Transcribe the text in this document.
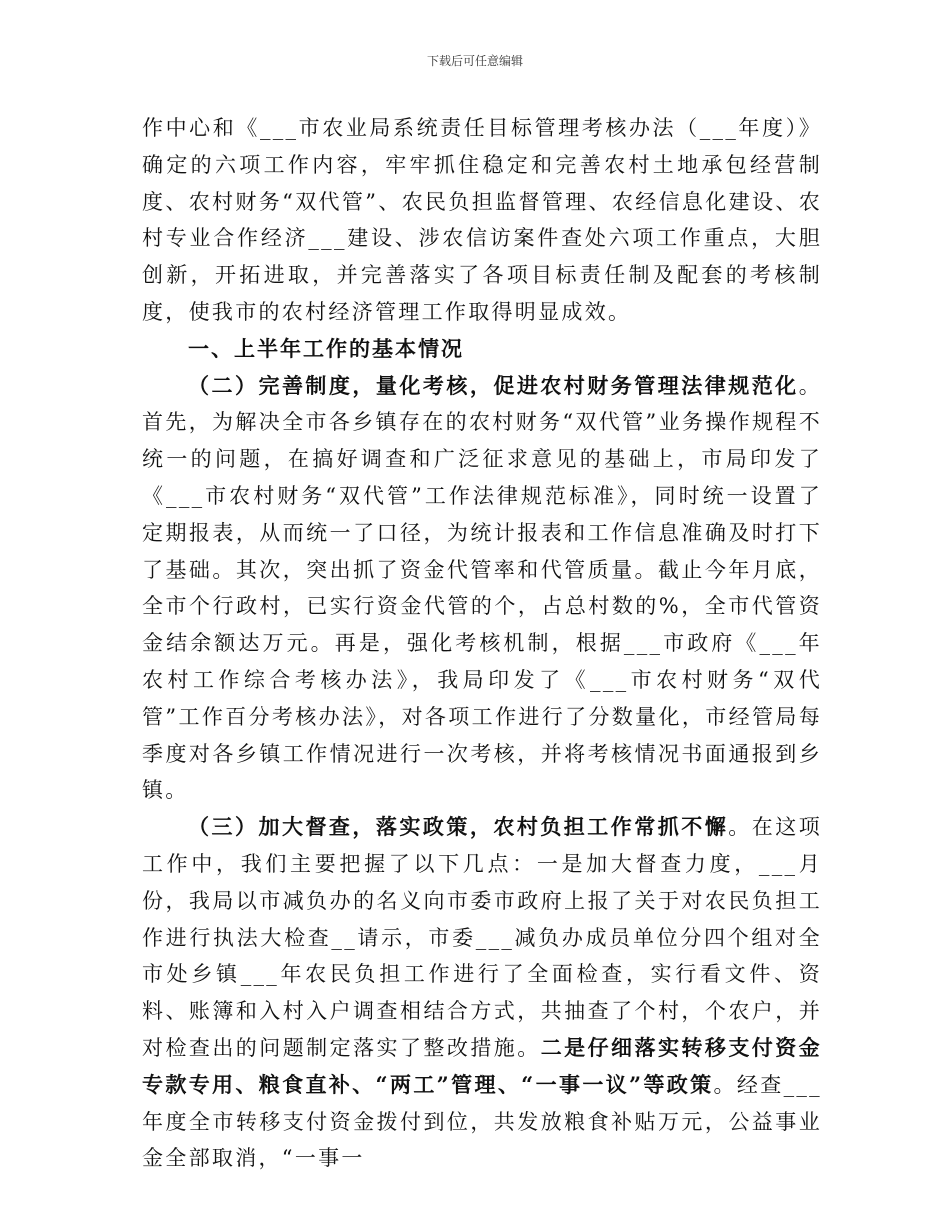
下载后可任意编辑

作中心和《___市农业局系统责任目标管理考核办法（___年度）》确定的六项工作内容，牢牢抓住稳定和完善农村土地承包经营制度、农村财务“双代管”、农民负担监督管理、农经信息化建设、农村专业合作经济___建设、涉农信访案件查处六项工作重点，大胆创新，开拓进取，并完善落实了各项目标责任制及配套的考核制度，使我市的农村经济管理工作取得明显成效。

一、上半年工作的基本情况

（二）完善制度，量化考核，促进农村财务管理法律规范化。首先，为解决全市各乡镇存在的农村财务“双代管”业务操作规程不统一的问题，在搞好调查和广泛征求意见的基础上，市局印发了《___市农村财务“双代管”工作法律规范标准》，同时统一设置了定期报表，从而统一了口径，为统计报表和工作信息准确及时打下了基础。其次，突出抓了资金代管率和代管质量。截止今年月底，全市个行政村，已实行资金代管的个，占总村数的%，全市代管资金结余额达万元。再是，强化考核机制，根据___市政府《___年农村工作综合考核办法》，我局印发了《___市农村财务“双代管”工作百分考核办法》，对各项工作进行了分数量化，市经管局每季度对各乡镇工作情况进行一次考核，并将考核情况书面通报到乡镇。

（三）加大督查，落实政策，农村负担工作常抓不懈。在这项工作中，我们主要把握了以下几点：一是加大督查力度，___月份，我局以市减负办的名义向市委市政府上报了关于对农民负担工作进行执法大检查__请示，市委___减负办成员单位分四个组对全市处乡镇___年农民负担工作进行了全面检查，实行看文件、资料、账簿和入村入户调查相结合方式，共抽查了个村，个农户，并对检查出的问题制定落实了整改措施。二是仔细落实转移支付资金专款专用、粮食直补、“两工”管理、“一事一议”等政策。经查___年度全市转移支付资金拨付到位，共发放粮食补贴万元，公益事业金全部取消，“一事一
